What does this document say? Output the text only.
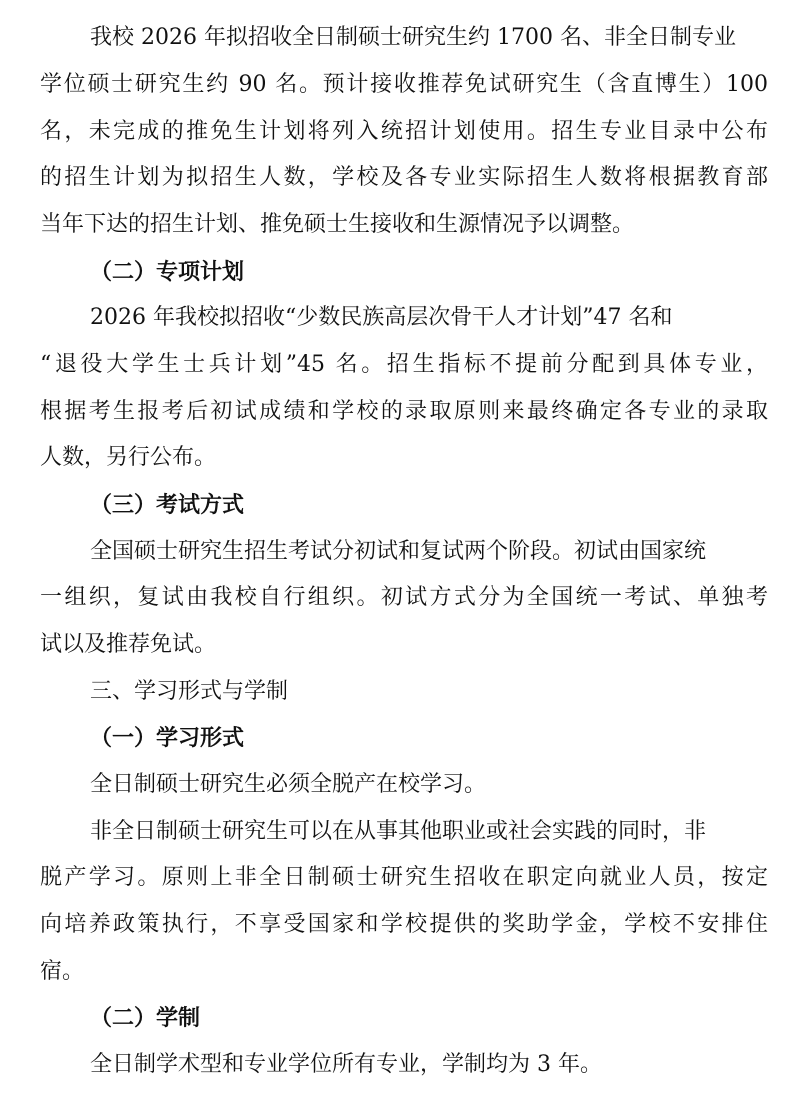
我校 2026 年拟招收全日制硕士研究生约 1700 名、非全日制专业
学位硕士研究生约 90 名。预计接收推荐免试研究生（含直博生）100
名，未完成的推免生计划将列入统招计划使用。招生专业目录中公布
的招生计划为拟招生人数，学校及各专业实际招生人数将根据教育部
当年下达的招生计划、推免硕士生接收和生源情况予以调整。
（二）专项计划
2026 年我校拟招收“少数民族高层次骨干人才计划”47 名和
“退役大学生士兵计划”45 名。招生指标不提前分配到具体专业，
根据考生报考后初试成绩和学校的录取原则来最终确定各专业的录取
人数，另行公布。
（三）考试方式
全国硕士研究生招生考试分初试和复试两个阶段。初试由国家统
一组织，复试由我校自行组织。初试方式分为全国统一考试、单独考
试以及推荐免试。
三、学习形式与学制
（一）学习形式
全日制硕士研究生必须全脱产在校学习。
非全日制硕士研究生可以在从事其他职业或社会实践的同时，非
脱产学习。原则上非全日制硕士研究生招收在职定向就业人员，按定
向培养政策执行，不享受国家和学校提供的奖助学金，学校不安排住
宿。
（二）学制
全日制学术型和专业学位所有专业，学制均为 3 年。
